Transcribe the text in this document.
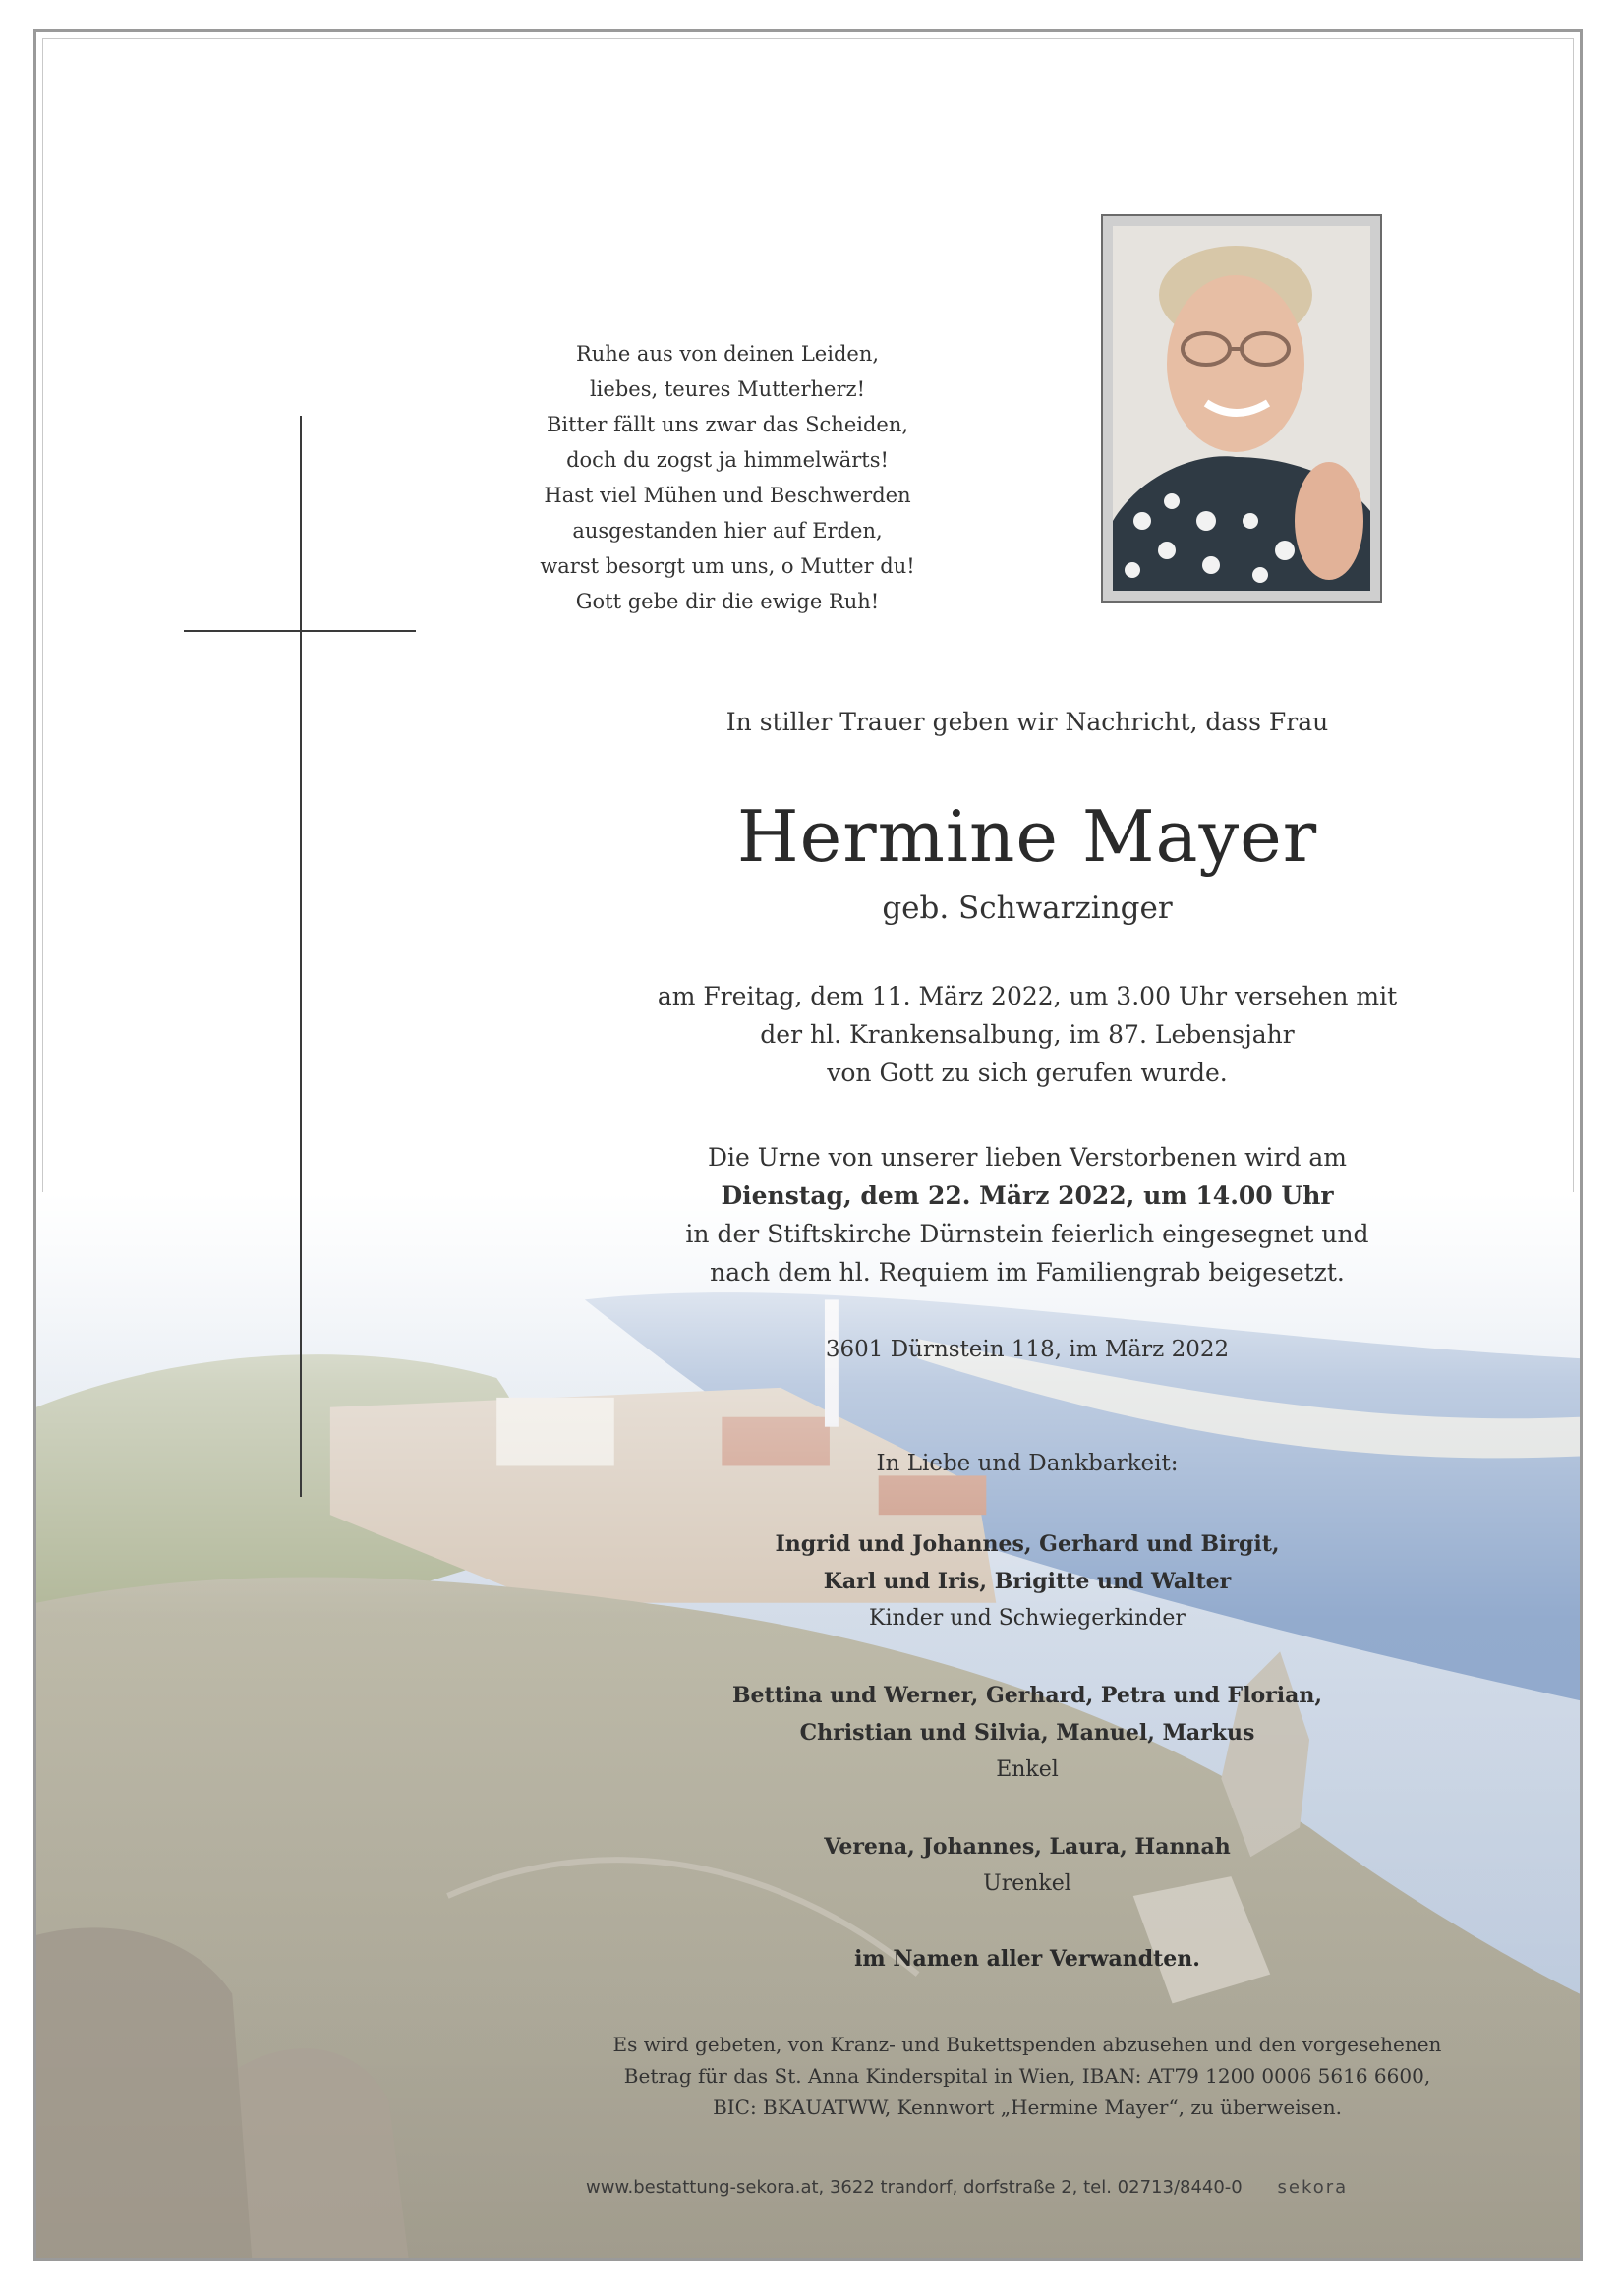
Ruhe aus von deinen Leiden,
liebes, teures Mutterherz!
Bitter fällt uns zwar das Scheiden,
doch du zogst ja himmelwärts!
Hast viel Mühen und Beschwerden
ausgestanden hier auf Erden,
warst besorgt um uns, o Mutter du!
Gott gebe dir die ewige Ruh!
In stiller Trauer geben wir Nachricht, dass Frau
Hermine Mayer
geb. Schwarzinger
am Freitag, dem 11. März 2022, um 3.00 Uhr versehen mit
der hl. Krankensalbung, im 87. Lebensjahr
von Gott zu sich gerufen wurde.
Die Urne von unserer lieben Verstorbenen wird am
Dienstag, dem 22. März 2022, um 14.00 Uhr
in der Stiftskirche Dürnstein feierlich eingesegnet und
nach dem hl. Requiem im Familiengrab beigesetzt.
3601 Dürnstein 118, im März 2022
In Liebe und Dankbarkeit:
Ingrid und Johannes, Gerhard und Birgit,
Karl und Iris, Brigitte und Walter
Kinder und Schwiegerkinder
Bettina und Werner, Gerhard, Petra und Florian,
Christian und Silvia, Manuel, Markus
Enkel
Verena, Johannes, Laura, Hannah
Urenkel
im Namen aller Verwandten.
Es wird gebeten, von Kranz- und Bukettspenden abzusehen und den vorgesehenen
Betrag für das St. Anna Kinderspital in Wien, IBAN: AT79 1200 0006 5616 6600,
BIC: BKAUATWW, Kennwort „Hermine Mayer“, zu überweisen.
www.bestattung-sekora.at, 3622 trandorf, dorfstraße 2, tel. 02713/8440-0 sekora
